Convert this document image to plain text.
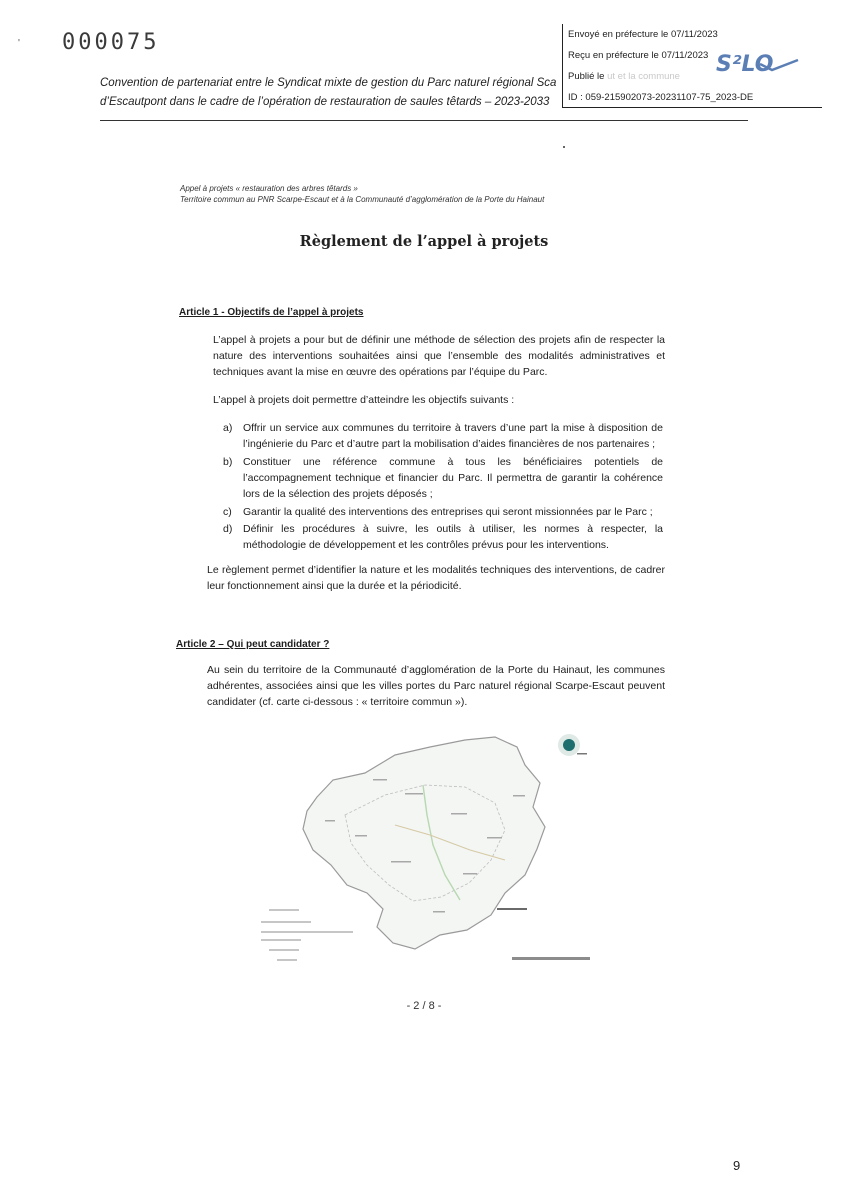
' 000075
Convention de partenariat entre le Syndicat mixte de gestion du Parc naturel régional Sca
d’Escautpont dans le cadre de l’opération de restauration de saules têtards – 2023-2033
Envoyé en préfecture le 07/11/2023
Reçu en préfecture le 07/11/2023
Publié le ut et la commune
ID : 059-215902073-20231107-75_2023-DE
S²LO
Appel à projets « restauration des arbres têtards »
Territoire commun au PNR Scarpe-Escaut et à la Communauté d’agglomération de la Porte du Hainaut
Règlement de l’appel à projets
Article 1 - Objectifs de l’appel à projets
L’appel à projets a pour but de définir une méthode de sélection des projets afin de respecter la nature des interventions souhaitées ainsi que l’ensemble des modalités administratives et techniques avant la mise en œuvre des opérations par l’équipe du Parc.
L’appel à projets doit permettre d’atteindre les objectifs suivants :
a) Offrir un service aux communes du territoire à travers d’une part la mise à disposition de l’ingénierie du Parc et d’autre part la mobilisation d’aides financières de nos partenaires ;
b) Constituer une référence commune à tous les bénéficiaires potentiels de l’accompagnement technique et financier du Parc. Il permettra de garantir la cohérence lors de la sélection des projets déposés ;
c) Garantir la qualité des interventions des entreprises qui seront missionnées par le Parc ;
d) Définir les procédures à suivre, les outils à utiliser, les normes à respecter, la méthodologie de développement et les contrôles prévus pour les interventions.
Le règlement permet d’identifier la nature et les modalités techniques des interventions, de cadrer leur fonctionnement ainsi que la durée et la périodicité.
Article 2 – Qui peut candidater ?
Au sein du territoire de la Communauté d’agglomération de la Porte du Hainaut, les communes adhérentes, associées ainsi que les villes portes du Parc naturel régional Scarpe-Escaut peuvent candidater (cf. carte ci-dessous : « territoire commun »).
- 2 / 8 -
9
